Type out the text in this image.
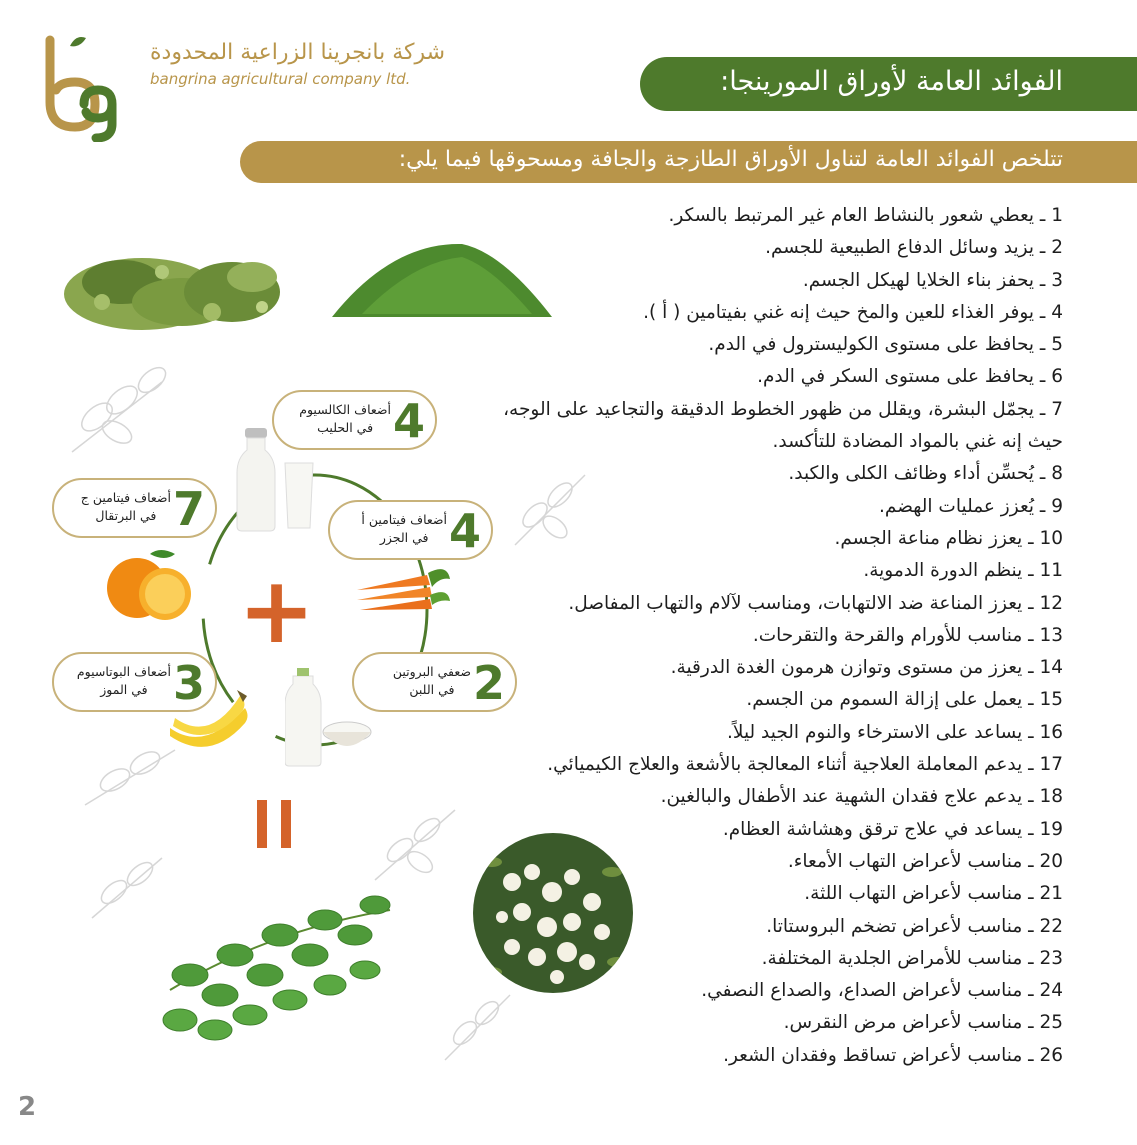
شركة بانجرينا الزراعية المحدودة
bangrina agricultural company ltd.	الفوائد العامة لأوراق المورينجا:
تتلخص الفوائد العامة لتناول الأوراق الطازجة والجافة ومسحوقها فيما يلي:
1 ـ يعطي شعور بالنشاط العام غير المرتبط بالسكر.
2 ـ يزيد وسائل الدفاع الطبيعية للجسم.
3 ـ يحفز بناء الخلايا لهيكل الجسم.
4 ـ يوفر الغذاء للعين والمخ حيث إنه غني بفيتامين ( أ ).
5 ـ يحافظ على مستوى الكوليسترول في الدم.
6 ـ يحافظ على مستوى السكر في الدم.
7 ـ يجمّل البشرة، ويقلل من ظهور الخطوط الدقيقة والتجاعيد على الوجه، حيث إنه غني بالمواد المضادة للتأكسد.
8 ـ يُحسِّن أداء وظائف الكلى والكبد.
9 ـ يُعزز عمليات الهضم.
10 ـ يعزز نظام مناعة الجسم.
11 ـ ينظم الدورة الدموية.
12 ـ يعزز المناعة ضد الالتهابات، ومناسب لآلام والتهاب المفاصل.
13 ـ مناسب للأورام والقرحة والتقرحات.
14 ـ يعزز من مستوى وتوازن هرمون الغدة الدرقية.
15 ـ يعمل على إزالة السموم من الجسم.
16 ـ يساعد على الاسترخاء والنوم الجيد ليلاً.
17 ـ يدعم المعاملة العلاجية أثناء المعالجة بالأشعة والعلاج الكيميائي.
18 ـ يدعم علاج فقدان الشهية عند الأطفال والبالغين.
19 ـ يساعد في علاج ترقق وهشاشة العظام.
20 ـ مناسب لأعراض التهاب الأمعاء.
21 ـ مناسب لأعراض التهاب اللثة.
22 ـ مناسب لأعراض تضخم البروستاتا.
23 ـ مناسب للأمراض الجلدية المختلفة.
24 ـ مناسب لأعراض الصداع، والصداع النصفي.
25 ـ مناسب لأعراض مرض النقرس.
26 ـ مناسب لأعراض تساقط وفقدان الشعر.
+
4
أضعاف الكالسيوم
في الحليب
7
أضعاف فيتامين ج
في البرتقال	4
أضعاف فيتامين أ
في الجزر
3
أضعاف البوتاسيوم
في الموز	2
ضعفي البروتين
في اللبن
2
